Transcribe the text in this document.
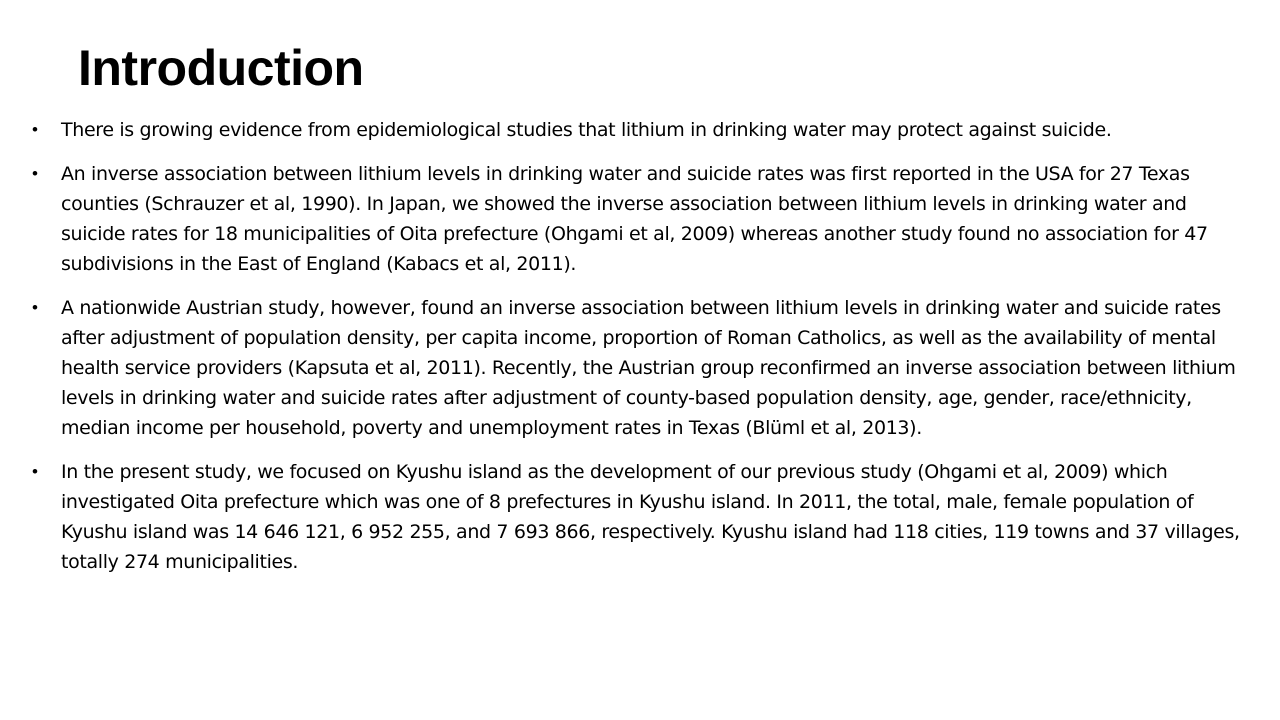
Introduction
• There is growing evidence from epidemiological studies that lithium in drinking water may protect against suicide.
• An inverse association between lithium levels in drinking water and suicide rates was first reported in the USA for 27 Texas counties (Schrauzer et al, 1990). In Japan, we showed the inverse association between lithium levels in drinking water and suicide rates for 18 municipalities of Oita prefecture (Ohgami et al, 2009) whereas another study found no association for 47 subdivisions in the East of England (Kabacs et al, 2011).
• A nationwide Austrian study, however, found an inverse association between lithium levels in drinking water and suicide rates after adjustment of population density, per capita income, proportion of Roman Catholics, as well as the availability of mental health service providers (Kapsuta et al, 2011). Recently, the Austrian group reconfirmed an inverse association between lithium levels in drinking water and suicide rates after adjustment of county-based population density, age, gender, race/ethnicity, median income per household, poverty and unemployment rates in Texas (Blüml et al, 2013).
• In the present study, we focused on Kyushu island as the development of our previous study (Ohgami et al, 2009) which investigated Oita prefecture which was one of 8 prefectures in Kyushu island. In 2011, the total, male, female population of Kyushu island was 14 646 121, 6 952 255, and 7 693 866, respectively. Kyushu island had 118 cities, 119 towns and 37 villages, totally 274 municipalities.
